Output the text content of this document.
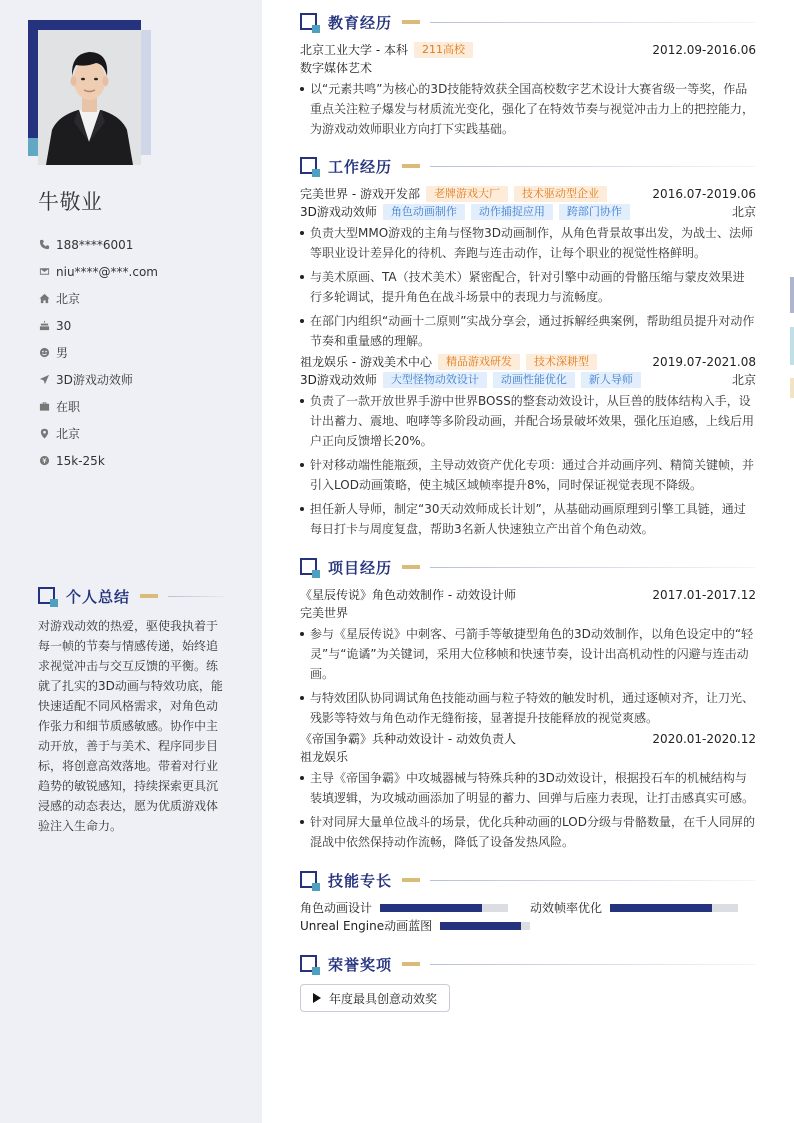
牛敬业
188****6001
niu****@***.com
北京
30
男
3D游戏动效师
在职
北京
15k-25k
个人总结

对游戏动效的热爱，驱使我执着于每一帧的节奏与情感传递，始终追求视觉冲击与交互反馈的平衡。练就了扎实的3D动画与特效功底，能快速适配不同风格需求，对角色动作张力和细节质感敏感。协作中主动开放，善于与美术、程序同步目标，将创意高效落地。带着对行业趋势的敏锐感知，持续探索更具沉浸感的动态表达，愿为优质游戏体验注入生命力。

教育经历
北京工业大学 - 本科	211高校	2012.09-2016.06
数字媒体艺术
以“元素共鸣”为核心的3D技能特效获全国高校数字艺术设计大赛省级一等奖，作品重点关注粒子爆发与材质流光变化，强化了在特效节奏与视觉冲击力上的把控能力，为游戏动效师职业方向打下实践基础。
工作经历
完美世界 - 游戏开发部	老牌游戏大厂	技术驱动型企业	2016.07-2019.06
3D游戏动效师	角色动画制作	动作捕捉应用	跨部门协作	北京
负责大型MMO游戏的主角与怪物3D动画制作，从角色背景故事出发，为战士、法师等职业设计差异化的待机、奔跑与连击动作，让每个职业的视觉性格鲜明。
与美术原画、TA（技术美术）紧密配合，针对引擎中动画的骨骼压缩与蒙皮效果进行多轮调试，提升角色在战斗场景中的表现力与流畅度。
在部门内组织“动画十二原则”实战分享会，通过拆解经典案例，帮助组员提升对动作节奏和重量感的理解。
祖龙娱乐 - 游戏美术中心	精品游戏研发	技术深耕型	2019.07-2021.08
3D游戏动效师	大型怪物动效设计	动画性能优化	新人导师	北京
负责了一款开放世界手游中世界BOSS的整套动效设计，从巨兽的肢体结构入手，设计出蓄力、震地、咆哮等多阶段动画，并配合场景破坏效果，强化压迫感，上线后用户正向反馈增长20%。
针对移动端性能瓶颈，主导动效资产优化专项：通过合并动画序列、精简关键帧，并引入LOD动画策略，使主城区域帧率提升8%，同时保证视觉表现不降级。
担任新人导师，制定“30天动效师成长计划”，从基础动画原理到引擎工具链，通过每日打卡与周度复盘，帮助3名新人快速独立产出首个角色动效。
项目经历
《星辰传说》角色动效制作 - 动效设计师	2017.01-2017.12
完美世界
参与《星辰传说》中刺客、弓箭手等敏捷型角色的3D动效制作，以角色设定中的“轻灵”与“诡谲”为关键词，采用大位移帧和快速节奏，设计出高机动性的闪避与连击动画。
与特效团队协同调试角色技能动画与粒子特效的触发时机，通过逐帧对齐，让刀光、残影等特效与角色动作无缝衔接，显著提升技能释放的视觉爽感。
《帝国争霸》兵种动效设计 - 动效负责人	2020.01-2020.12
祖龙娱乐
主导《帝国争霸》中攻城器械与特殊兵种的3D动效设计，根据投石车的机械结构与装填逻辑，为攻城动画添加了明显的蓄力、回弹与后座力表现，让打击感真实可感。
针对同屏大量单位战斗的场景，优化兵种动画的LOD分级与骨骼数量，在千人同屏的混战中依然保持动作流畅，降低了设备发热风险。
技能专长
角色动画设计	动效帧率优化
Unreal Engine动画蓝图
荣誉奖项
年度最具创意动效奖
